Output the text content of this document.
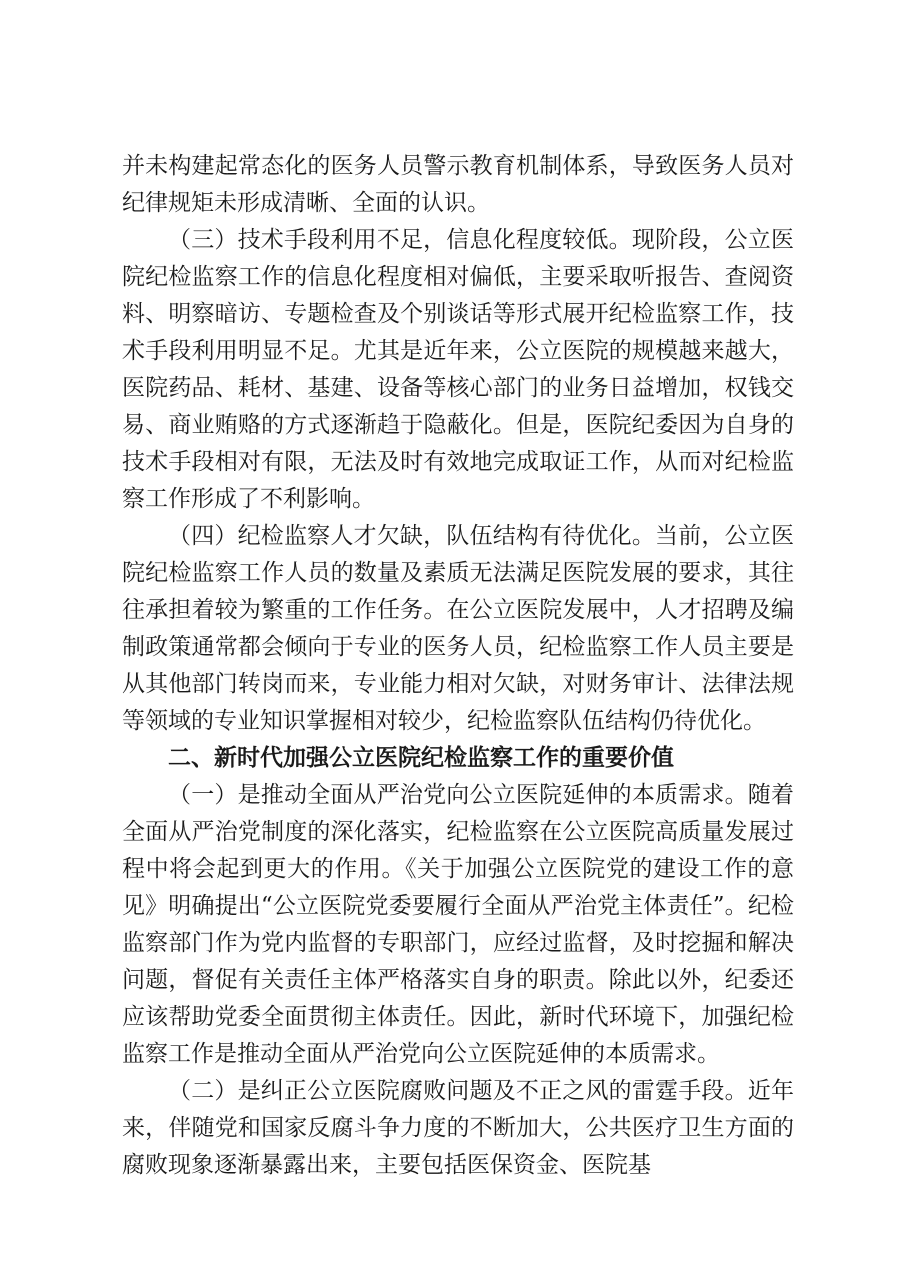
并未构建起常态化的医务人员警示教育机制体系，导致医务人员对纪律规矩未形成清晰、全面的认识。

（三）技术手段利用不足，信息化程度较低。现阶段，公立医院纪检监察工作的信息化程度相对偏低，主要采取听报告、查阅资料、明察暗访、专题检查及个别谈话等形式展开纪检监察工作，技术手段利用明显不足。尤其是近年来，公立医院的规模越来越大，医院药品、耗材、基建、设备等核心部门的业务日益增加，权钱交易、商业贿赂的方式逐渐趋于隐蔽化。但是，医院纪委因为自身的技术手段相对有限，无法及时有效地完成取证工作，从而对纪检监察工作形成了不利影响。

（四）纪检监察人才欠缺，队伍结构有待优化。当前，公立医院纪检监察工作人员的数量及素质无法满足医院发展的要求，其往往承担着较为繁重的工作任务。在公立医院发展中，人才招聘及编制政策通常都会倾向于专业的医务人员，纪检监察工作人员主要是从其他部门转岗而来，专业能力相对欠缺，对财务审计、法律法规等领域的专业知识掌握相对较少，纪检监察队伍结构仍待优化。

二、新时代加强公立医院纪检监察工作的重要价值

（一）是推动全面从严治党向公立医院延伸的本质需求。随着全面从严治党制度的深化落实，纪检监察在公立医院高质量发展过程中将会起到更大的作用。《关于加强公立医院党的建设工作的意见》明确提出“公立医院党委要履行全面从严治党主体责任”。纪检监察部门作为党内监督的专职部门，应经过监督，及时挖掘和解决问题，督促有关责任主体严格落实自身的职责。除此以外，纪委还应该帮助党委全面贯彻主体责任。因此，新时代环境下，加强纪检监察工作是推动全面从严治党向公立医院延伸的本质需求。

（二）是纠正公立医院腐败问题及不正之风的雷霆手段。近年来，伴随党和国家反腐斗争力度的不断加大，公共医疗卫生方面的腐败现象逐渐暴露出来，主要包括医保资金、医院基
